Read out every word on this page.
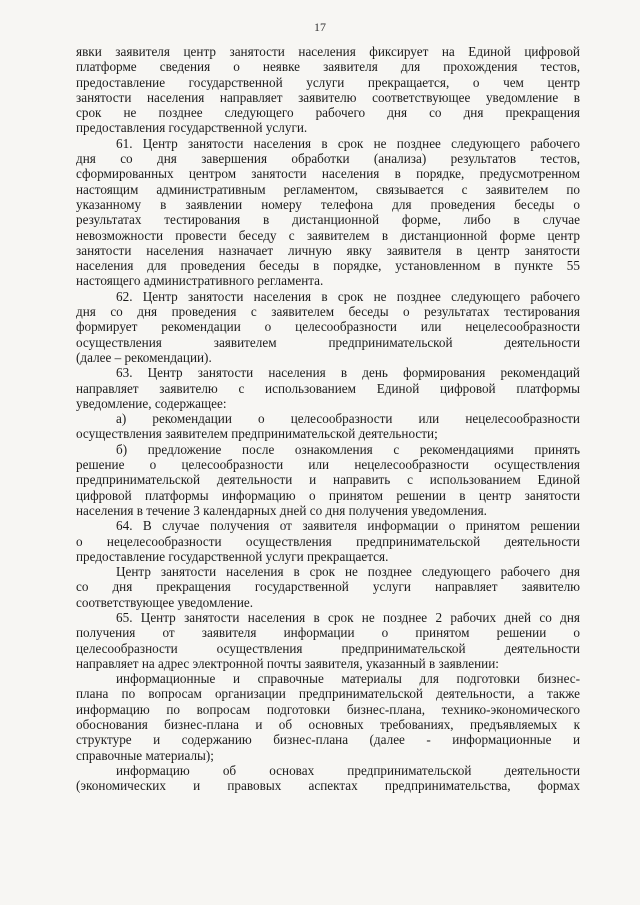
17
явки заявителя центр занятости населения фиксирует на Единой цифровой
платформе сведения о неявке заявителя для прохождения тестов,
предоставление государственной услуги прекращается, о чем центр
занятости населения направляет заявителю соответствующее уведомление в
срок не позднее следующего рабочего дня со дня прекращения
предоставления государственной услуги.
61. Центр занятости населения в срок не позднее следующего рабочего
дня со дня завершения обработки (анализа) результатов тестов,
сформированных центром занятости населения в порядке, предусмотренном
настоящим административным регламентом, связывается с заявителем по
указанному в заявлении номеру телефона для проведения беседы о
результатах тестирования в дистанционной форме, либо в случае
невозможности провести беседу с заявителем в дистанционной форме центр
занятости населения назначает личную явку заявителя в центр занятости
населения для проведения беседы в порядке, установленном в пункте 55
настоящего административного регламента.
62. Центр занятости населения в срок не позднее следующего рабочего
дня со дня проведения с заявителем беседы о результатах тестирования
формирует рекомендации о целесообразности или нецелесообразности
осуществления заявителем предпринимательской деятельности
(далее – рекомендации).
63. Центр занятости населения в день формирования рекомендаций
направляет заявителю с использованием Единой цифровой платформы
уведомление, содержащее:
а) рекомендации о целесообразности или нецелесообразности
осуществления заявителем предпринимательской деятельности;
б) предложение после ознакомления с рекомендациями принять
решение о целесообразности или нецелесообразности осуществления
предпринимательской деятельности и направить с использованием Единой
цифровой платформы информацию о принятом решении в центр занятости
населения в течение 3 календарных дней со дня получения уведомления.
64. В случае получения от заявителя информации о принятом решении
о нецелесообразности осуществления предпринимательской деятельности
предоставление государственной услуги прекращается.
Центр занятости населения в срок не позднее следующего рабочего дня
со дня прекращения государственной услуги направляет заявителю
соответствующее уведомление.
65. Центр занятости населения в срок не позднее 2 рабочих дней со дня
получения от заявителя информации о принятом решении о
целесообразности осуществления предпринимательской деятельности
направляет на адрес электронной почты заявителя, указанный в заявлении:
информационные и справочные материалы для подготовки бизнес-
плана по вопросам организации предпринимательской деятельности, а также
информацию по вопросам подготовки бизнес-плана, технико-экономического
обоснования бизнес-плана и об основных требованиях, предъявляемых к
структуре и содержанию бизнес-плана (далее - информационные и
справочные материалы);
информацию об основах предпринимательской деятельности
(экономических и правовых аспектах предпринимательства, формах
